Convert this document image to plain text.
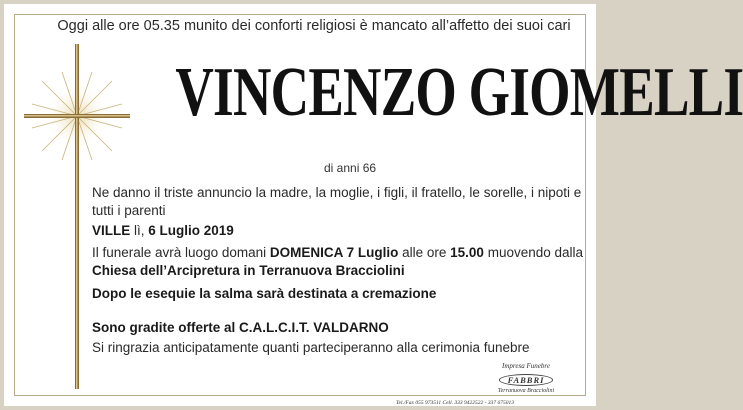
Oggi alle ore 05.35 munito dei conforti religiosi è mancato all’affetto dei suoi cari
VINCENZO GIOMELLI
di anni 66
Ne danno il triste annuncio la madre, la moglie, i figli, il fratello, le sorelle, i nipoti e tutti i parenti
VILLE lì, 6 Luglio 2019
Il funerale avrà luogo domani DOMENICA 7 Luglio alle ore 15.00 muovendo dalla
Chiesa dell’Arcipretura in Terranuova Bracciolini
Dopo le esequie la salma sarà destinata a cremazione
Sono gradite offerte al C.A.L.C.I.T. VALDARNO
Si ringrazia anticipatamente quanti parteciperanno alla cerimonia funebre
Impresa Funebre
FABBRI
Terranuova Bracciolini
Tel./Fax 055 973511 Cell. 333 9422522 - 337 675013
